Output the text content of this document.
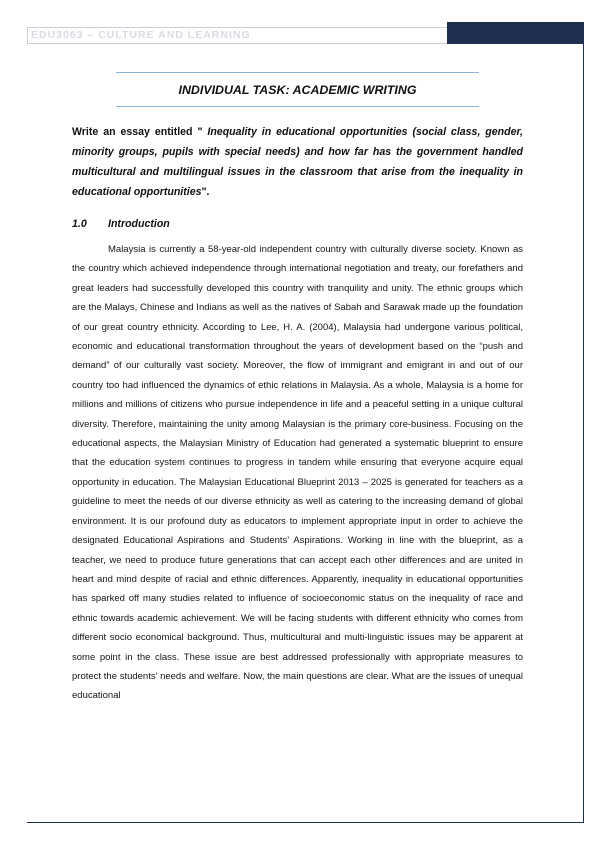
EDU3063 – CULTURE AND LEARNING
INDIVIDUAL TASK: ACADEMIC WRITING
Write an essay entitled " Inequality in educational opportunities (social class, gender, minority groups, pupils with special needs) and how far has the government handled multicultural and multilingual issues in the classroom that arise from the inequality in educational opportunities".
1.0 Introduction

Malaysia is currently a 58-year-old independent country with culturally diverse society. Known as the country which achieved independence through international negotiation and treaty, our forefathers and great leaders had successfully developed this country with tranquility and unity. The ethnic groups which are the Malays, Chinese and Indians as well as the natives of Sabah and Sarawak made up the foundation of our great country ethnicity. According to Lee, H. A. (2004), Malaysia had undergone various political, economic and educational transformation throughout the years of development based on the “push and demand” of our culturally vast society. Moreover, the flow of immigrant and emigrant in and out of our country too had influenced the dynamics of ethic relations in Malaysia. As a whole, Malaysia is a home for millions and millions of citizens who pursue independence in life and a peaceful setting in a unique cultural diversity. Therefore, maintaining the unity among Malaysian is the primary core-business. Focusing on the educational aspects, the Malaysian Ministry of Education had generated a systematic blueprint to ensure that the education system continues to progress in tandem while ensuring that everyone acquire equal opportunity in education. The Malaysian Educational Blueprint 2013 – 2025 is generated for teachers as a guideline to meet the needs of our diverse ethnicity as well as catering to the increasing demand of global environment. It is our profound duty as educators to implement appropriate input in order to achieve the designated Educational Aspirations and Students’ Aspirations. Working in line with the blueprint, as a teacher, we need to produce future generations that can accept each other differences and are united in heart and mind despite of racial and ethnic differences. Apparently, inequality in educational opportunities has sparked off many studies related to influence of socioeconomic status on the inequality of race and ethnic towards academic achievement. We will be facing students with different ethnicity who comes from different socio economical background. Thus, multicultural and multi-linguistic issues may be apparent at some point in the class. These issue are best addressed professionally with appropriate measures to protect the students’ needs and welfare. Now, the main questions are clear. What are the issues of unequal educational
